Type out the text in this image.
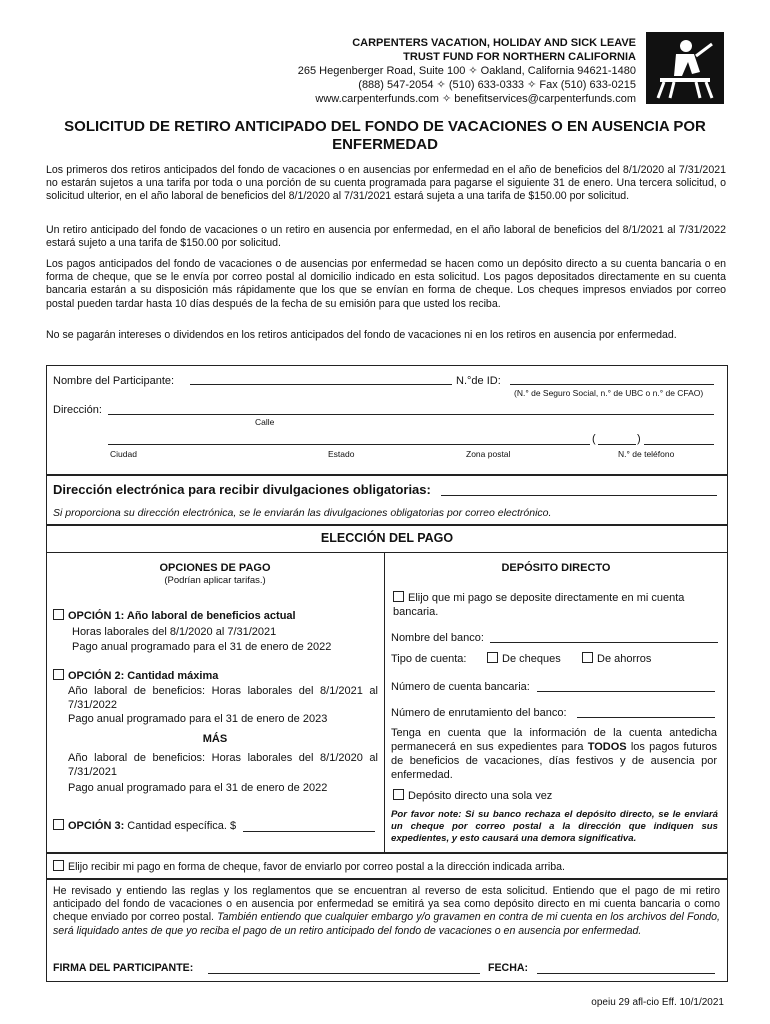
CARPENTERS VACATION, HOLIDAY AND SICK LEAVE
TRUST FUND FOR NORTHERN CALIFORNIA
265 Hegenberger Road, Suite 100 ✧ Oakland, California 94621-1480
(888) 547-2054 ✧ (510) 633-0333 ✧ Fax (510) 633-0215
www.carpenterfunds.com ✧ benefitservices@carpenterfunds.com
SOLICITUD DE RETIRO ANTICIPADO DEL FONDO DE VACACIONES O EN AUSENCIA POR
ENFERMEDAD
Los primeros dos retiros anticipados del fondo de vacaciones o en ausencias por enfermedad en el año de beneficios del 8/1/2020 al 7/31/2021 no estarán sujetos a una tarifa por toda o una porción de su cuenta programada para pagarse el siguiente 31 de enero. Una tercera solicitud, o solicitud ulterior, en el año laboral de beneficios del 8/1/2020 al 7/31/2021 estará sujeta a una tarifa de $150.00 por solicitud.
Un retiro anticipado del fondo de vacaciones o un retiro en ausencia por enfermedad, en el año laboral de beneficios del 8/1/2021 al 7/31/2022 estará sujeto a una tarifa de $150.00 por solicitud.
Los pagos anticipados del fondo de vacaciones o de ausencias por enfermedad se hacen como un depósito directo a su cuenta bancaria o en forma de cheque, que se le envía por correo postal al domicilio indicado en esta solicitud. Los pagos depositados directamente en su cuenta bancaria estarán a su disposición más rápidamente que los que se envían en forma de cheque. Los cheques impresos enviados por correo postal pueden tardar hasta 10 días después de la fecha de su emisión para que usted los reciba.
No se pagarán intereses o dividendos en los retiros anticipados del fondo de vacaciones ni en los retiros en ausencia por enfermedad.
Nombre del Participante:	N.°de ID:
(N.° de Seguro Social, n.° de UBC o n.° de CFAO)
Dirección:
Calle
(	)
Ciudad	Estado	Zona postal	N.° de teléfono
Dirección electrónica para recibir divulgaciones obligatorias:
Si proporciona su dirección electrónica, se le enviarán las divulgaciones obligatorias por correo electrónico.
ELECCIÓN DEL PAGO
OPCIONES DE PAGO
(Podrían aplicar tarifas.)
OPCIÓN 1: Año laboral de beneficios actual
Horas laborales del 8/1/2020 al 7/31/2021
Pago anual programado para el 31 de enero de 2022
OPCIÓN 2: Cantidad máxima
Año laboral de beneficios: Horas laborales del 8/1/2021 al 7/31/2022
Pago anual programado para el 31 de enero de 2023
MÁS
Año laboral de beneficios: Horas laborales del 8/1/2020 al 7/31/2021
Pago anual programado para el 31 de enero de 2022
OPCIÓN 3: Cantidad específica. $
DEPÓSITO DIRECTO
Elijo que mi pago se deposite directamente en mi cuenta bancaria.
Nombre del banco:
Tipo de cuenta:	De cheques	De ahorros
Número de cuenta bancaria:
Número de enrutamiento del banco:
Tenga en cuenta que la información de la cuenta antedicha permanecerá en sus expedientes para TODOS los pagos futuros de beneficios de vacaciones, días festivos y de ausencia por enfermedad.
Depósito directo una sola vez
Por favor note: Si su banco rechaza el depósito directo, se le enviará un cheque por correo postal a la dirección que indiquen sus expedientes, y esto causará una demora significativa.
Elijo recibir mi pago en forma de cheque, favor de enviarlo por correo postal a la dirección indicada arriba.
He revisado y entiendo las reglas y los reglamentos que se encuentran al reverso de esta solicitud. Entiendo que el pago de mi retiro anticipado del fondo de vacaciones o en ausencia por enfermedad se emitirá ya sea como depósito directo en mi cuenta bancaria o como cheque enviado por correo postal. También entiendo que cualquier embargo y/o gravamen en contra de mi cuenta en los archivos del Fondo, será liquidado antes de que yo reciba el pago de un retiro anticipado del fondo de vacaciones o en ausencia por enfermedad.
FIRMA DEL PARTICIPANTE:	FECHA:
opeiu 29 afl-cio Eff. 10/1/2021
